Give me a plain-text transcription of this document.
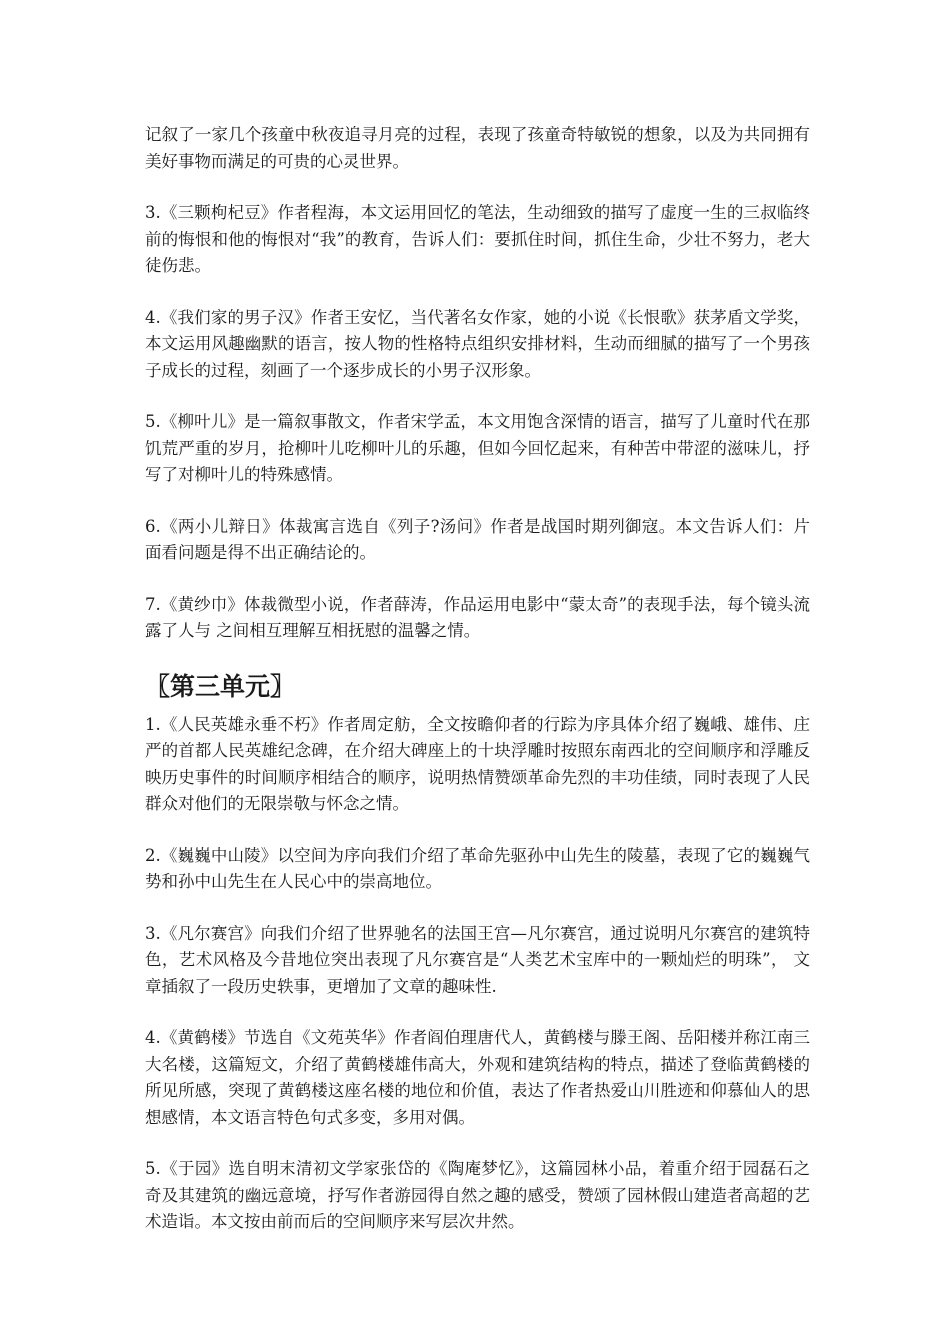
记叙了一家几个孩童中秋夜追寻月亮的过程，表现了孩童奇特敏锐的想象，以及为共同拥有美好事物而满足的可贵的心灵世界。

3.《三颗枸杞豆》作者程海，本文运用回忆的笔法，生动细致的描写了虚度一生的三叔临终前的悔恨和他的悔恨对“我”的教育，告诉人们：要抓住时间，抓住生命，少壮不努力，老大徒伤悲。

4.《我们家的男子汉》作者王安忆，当代著名女作家，她的小说《长恨歌》获茅盾文学奖，本文运用风趣幽默的语言，按人物的性格特点组织安排材料，生动而细腻的描写了一个男孩子成长的过程，刻画了一个逐步成长的小男子汉形象。

5.《柳叶儿》是一篇叙事散文，作者宋学孟，本文用饱含深情的语言，描写了儿童时代在那饥荒严重的岁月，抢柳叶儿吃柳叶儿的乐趣，但如今回忆起来，有种苦中带涩的滋味儿，抒写了对柳叶儿的特殊感情。

6.《两小儿辩日》体裁寓言选自《列子?汤问》作者是战国时期列御寇。本文告诉人们：片面看问题是得不出正确结论的。

7.《黄纱巾》体裁微型小说，作者薛涛，作品运用电影中“蒙太奇”的表现手法，每个镜头流露了人与 之间相互理解互相抚慰的温馨之情。

〖第三单元〗

1.《人民英雄永垂不朽》作者周定舫，全文按瞻仰者的行踪为序具体介绍了巍峨、雄伟、庄严的首都人民英雄纪念碑，在介绍大碑座上的十块浮雕时按照东南西北的空间顺序和浮雕反映历史事件的时间顺序相结合的顺序，说明热情赞颂革命先烈的丰功佳绩，同时表现了人民群众对他们的无限崇敬与怀念之情。

2.《巍巍中山陵》以空间为序向我们介绍了革命先驱孙中山先生的陵墓，表现了它的巍巍气势和孙中山先生在人民心中的崇高地位。

3.《凡尔赛宫》向我们介绍了世界驰名的法国王宫—凡尔赛宫，通过说明凡尔赛宫的建筑特色，艺术风格及今昔地位突出表现了凡尔赛宫是“人类艺术宝库中的一颗灿烂的明珠”， 文章插叙了一段历史轶事，更增加了文章的趣味性.

4.《黄鹤楼》节选自《文苑英华》作者阎伯理唐代人，黄鹤楼与滕王阁、岳阳楼并称江南三大名楼，这篇短文，介绍了黄鹤楼雄伟高大，外观和建筑结构的特点，描述了登临黄鹤楼的所见所感，突现了黄鹤楼这座名楼的地位和价值，表达了作者热爱山川胜迹和仰慕仙人的思想感情，本文语言特色句式多变，多用对偶。

5.《于园》选自明末清初文学家张岱的《陶庵梦忆》，这篇园林小品，着重介绍于园磊石之奇及其建筑的幽远意境，抒写作者游园得自然之趣的感受，赞颂了园林假山建造者高超的艺术造诣。本文按由前而后的空间顺序来写层次井然。
